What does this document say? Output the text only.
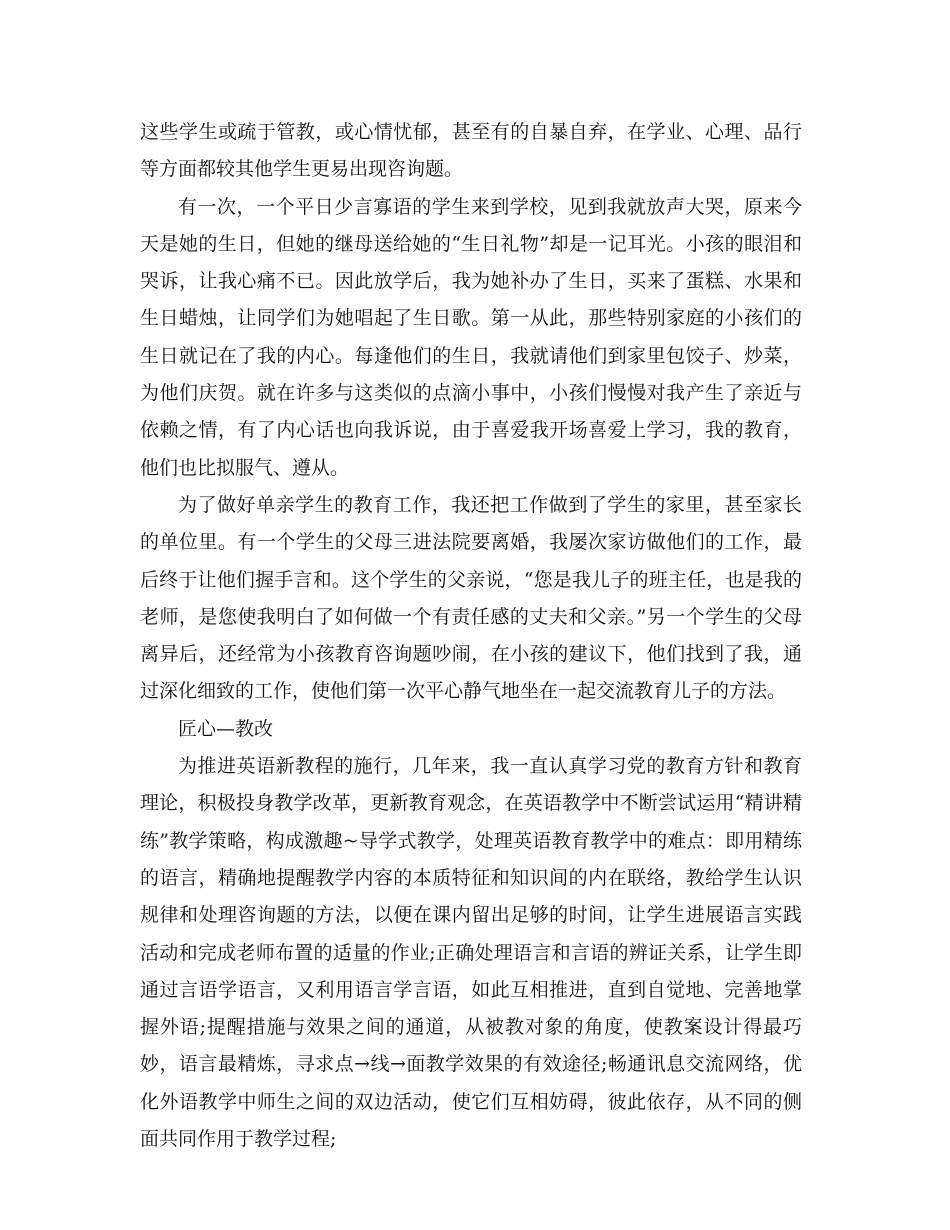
这些学生或疏于管教，或心情忧郁，甚至有的自暴自弃，在学业、心理、品行等方面都较其他学生更易出现咨询题。

有一次，一个平日少言寡语的学生来到学校，见到我就放声大哭，原来今天是她的生日，但她的继母送给她的“生日礼物”却是一记耳光。小孩的眼泪和哭诉，让我心痛不已。因此放学后，我为她补办了生日，买来了蛋糕、水果和生日蜡烛，让同学们为她唱起了生日歌。第一从此，那些特别家庭的小孩们的生日就记在了我的内心。每逢他们的生日，我就请他们到家里包饺子、炒菜，为他们庆贺。就在许多与这类似的点滴小事中，小孩们慢慢对我产生了亲近与依赖之情，有了内心话也向我诉说，由于喜爱我开场喜爱上学习，我的教育，他们也比拟服气、遵从。

为了做好单亲学生的教育工作，我还把工作做到了学生的家里，甚至家长的单位里。有一个学生的父母三进法院要离婚，我屡次家访做他们的工作，最后终于让他们握手言和。这个学生的父亲说，“您是我儿子的班主任，也是我的老师，是您使我明白了如何做一个有责任感的丈夫和父亲。”另一个学生的父母离异后，还经常为小孩教育咨询题吵闹，在小孩的建议下，他们找到了我，通过深化细致的工作，使他们第一次平心静气地坐在一起交流教育儿子的方法。

匠心—教改

为推进英语新教程的施行，几年来，我一直认真学习党的教育方针和教育理论，积极投身教学改革，更新教育观念，在英语教学中不断尝试运用“精讲精练”教学策略，构成激趣~导学式教学，处理英语教育教学中的难点：即用精练的语言，精确地提醒教学内容的本质特征和知识间的内在联络，教给学生认识规律和处理咨询题的方法，以便在课内留出足够的时间，让学生进展语言实践活动和完成老师布置的适量的作业;正确处理语言和言语的辨证关系，让学生即通过言语学语言，又利用语言学言语，如此互相推进，直到自觉地、完善地掌握外语;提醒措施与效果之间的通道，从被教对象的角度，使教案设计得最巧妙，语言最精炼，寻求点→线→面教学效果的有效途径;畅通讯息交流网络，优化外语教学中师生之间的双边活动，使它们互相妨碍，彼此依存，从不同的侧面共同作用于教学过程;
